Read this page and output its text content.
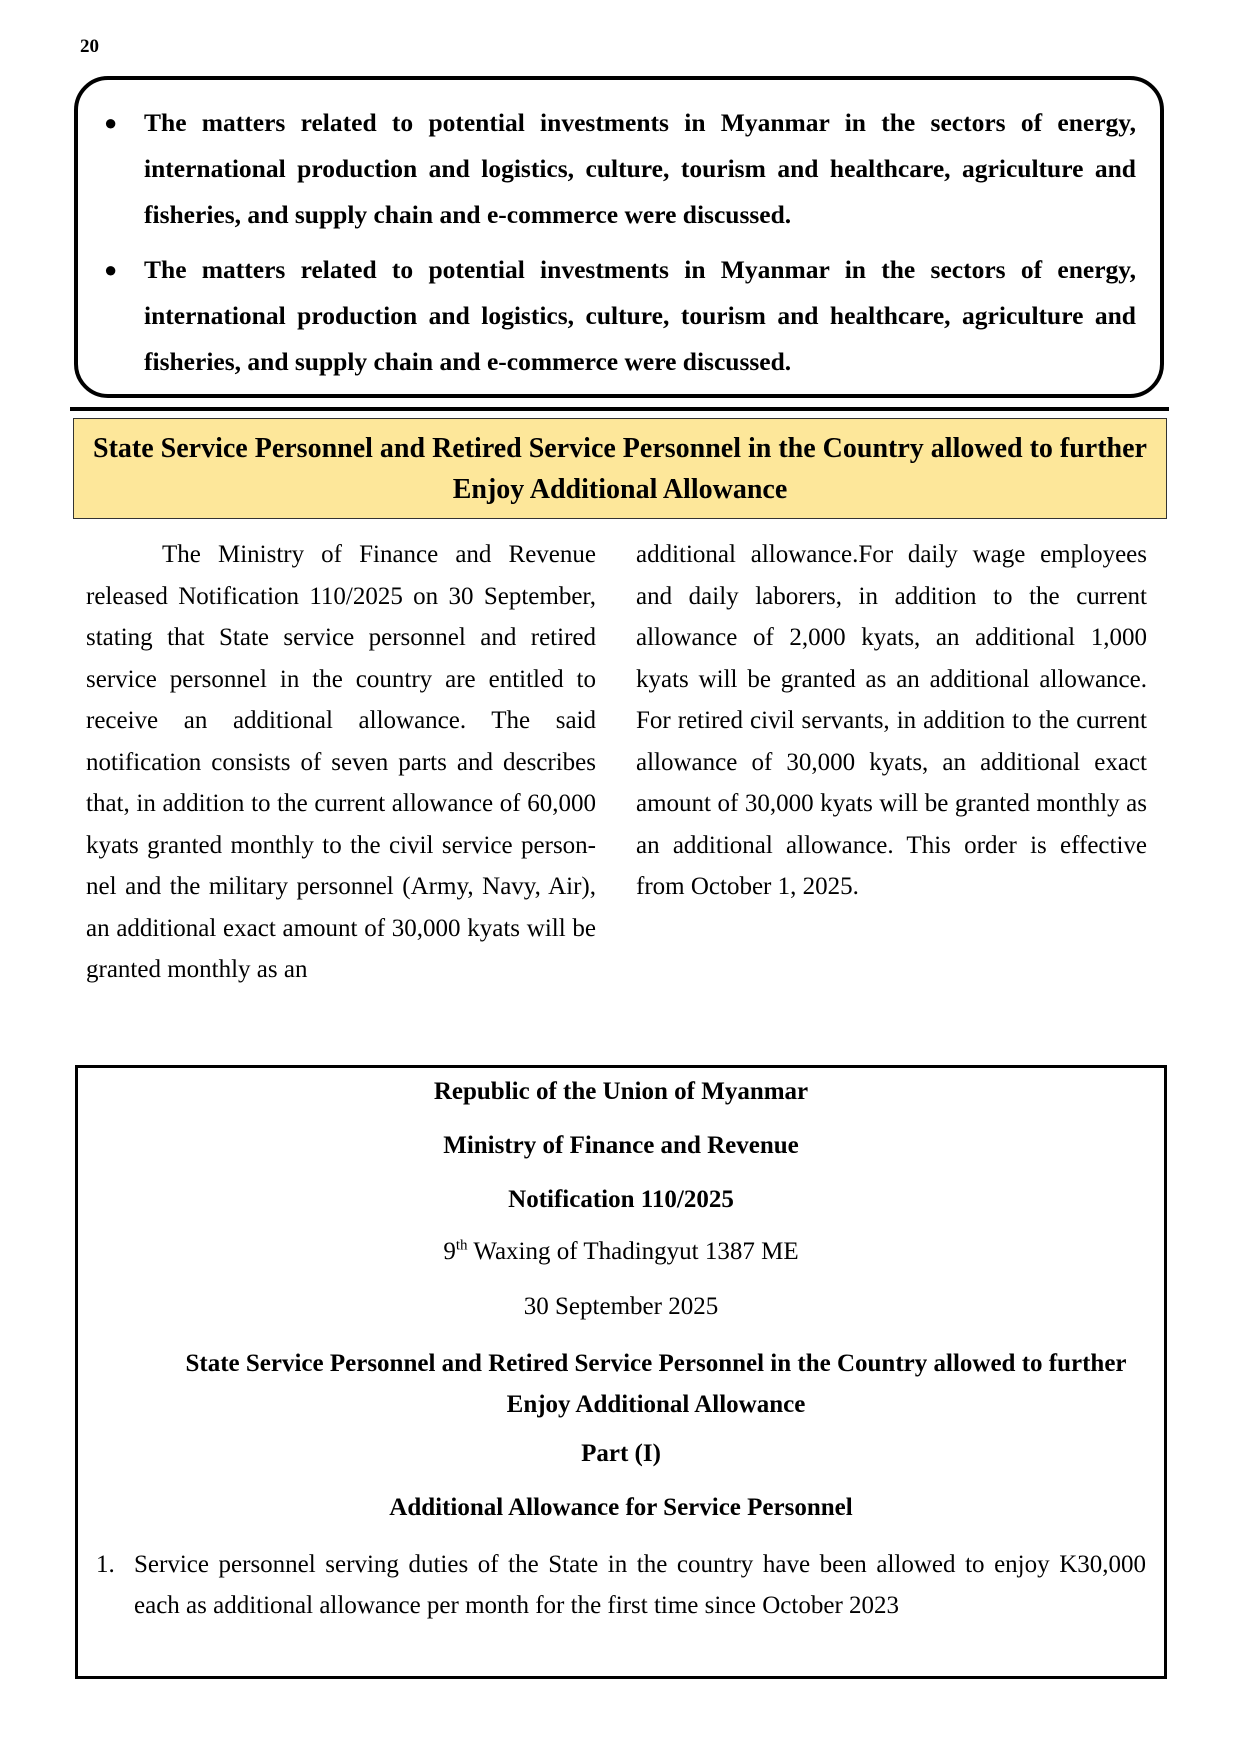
20
●	The matters related to potential investments in Myanmar in the sectors of energy, international production and logistics, culture, tourism and healthcare, agriculture and fisheries, and supply chain and e-commerce were discussed.
●	The matters related to potential investments in Myanmar in the sectors of energy, international production and logistics, culture, tourism and healthcare, agriculture and fisheries, and supply chain and e-commerce were discussed.
State Service Personnel and Retired Service Personnel in the Country allowed to further Enjoy Additional Allowance

The Ministry of Finance and Revenue released Notification 110/2025 on 30 September, stating that State service personnel and retired service personnel in the country are entitled to receive an additional allowance. The said notification consists of seven parts and describes that, in addition to the current allowance of 60,000 kyats granted monthly to the civil service personnel and the military personnel (Army, Navy, Air), an additional exact amount of 30,000 kyats will be granted monthly as an

additional allowance.For daily wage employees and daily laborers, in addition to the current allowance of 2,000 kyats, an additional 1,000 kyats will be granted as an additional allowance. For retired civil servants, in addition to the current allowance of 30,000 kyats, an additional exact amount of 30,000 kyats will be granted monthly as an additional allowance. This order is effective from October 1, 2025.

Republic of the Union of Myanmar
Ministry of Finance and Revenue
Notification 110/2025
9th Waxing of Thadingyut 1387 ME
30 September 2025
State Service Personnel and Retired Service Personnel in the Country allowed to further Enjoy Additional Allowance
Part (I)
Additional Allowance for Service Personnel
1. Service personnel serving duties of the State in the country have been allowed to enjoy K30,000 each as additional allowance per month for the first time since October 2023
